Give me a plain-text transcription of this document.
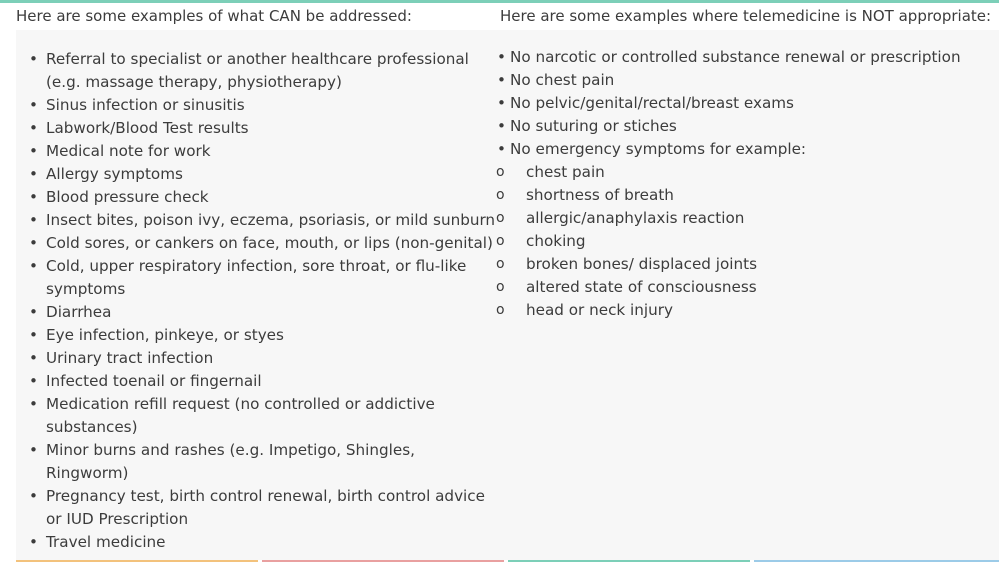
Here are some examples of what CAN be addressed:	Here are some examples where telemedicine is NOT appropriate:
• Referral to specialist or another healthcare professional
(e.g. massage therapy, physiotherapy)
• Sinus infection or sinusitis
• Labwork/Blood Test results
• Medical note for work
• Allergy symptoms
• Blood pressure check
• Insect bites, poison ivy, eczema, psoriasis, or mild sunburn
• Cold sores, or cankers on face, mouth, or lips (non-genital)
• Cold, upper respiratory infection, sore throat, or flu-like
symptoms
• Diarrhea
• Eye infection, pinkeye, or styes
• Urinary tract infection
• Infected toenail or fingernail
• Medication refill request (no controlled or addictive
substances)
• Minor burns and rashes (e.g. Impetigo, Shingles,
Ringworm)
• Pregnancy test, birth control renewal, birth control advice
or IUD Prescription
• Travel medicine
• No narcotic or controlled substance renewal or prescription
• No chest pain
• No pelvic/genital/rectal/breast exams
• No suturing or stiches
• No emergency symptoms for example:
o chest pain
o shortness of breath
o allergic/anaphylaxis reaction
o choking
o broken bones/ displaced joints
o altered state of consciousness
o head or neck injury
